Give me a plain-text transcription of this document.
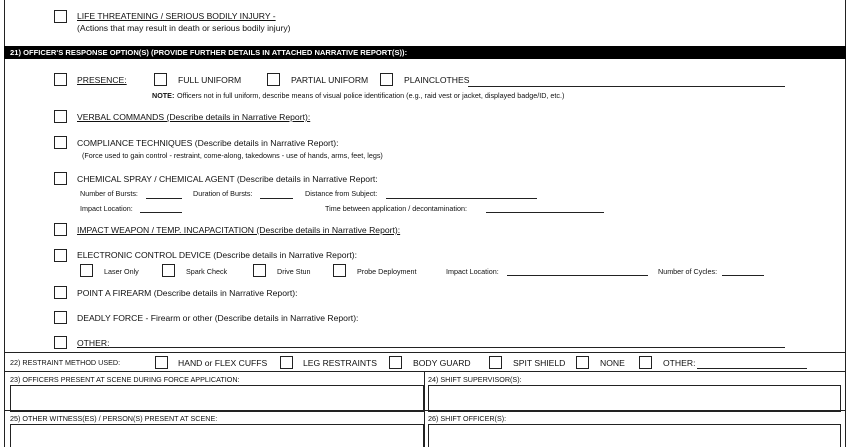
LIFE THREATENING / SERIOUS BODILY INJURY -
(Actions that may result in death or serious bodily injury)
21) OFFICER'S RESPONSE OPTION(S) (PROVIDE FURTHER DETAILS IN ATTACHED NARRATIVE REPORT(S)):
PRESENCE:	FULL UNIFORM	PARTIAL UNIFORM	PLAINCLOTHES
NOTE: Officers not in full uniform, describe means of visual police identification (e.g., raid vest or jacket, displayed badge/ID, etc.)
VERBAL COMMANDS (Describe details in Narrative Report):
COMPLIANCE TECHNIQUES (Describe details in Narrative Report):
(Force used to gain control - restraint, come-along, takedowns - use of hands, arms, feet, legs)
CHEMICAL SPRAY / CHEMICAL AGENT (Describe details in Narrative Report:
Number of Bursts:	Duration of Bursts:	Distance from Subject:
Impact Location:	Time between application / decontamination:
IMPACT WEAPON / TEMP. INCAPACITATION (Describe details in Narrative Report):
ELECTRONIC CONTROL DEVICE (Describe details in Narrative Report):
Laser Only	Spark Check	Drive Stun	Probe Deployment	Impact Location:	Number of Cycles:
POINT A FIREARM (Describe details in Narrative Report):
DEADLY FORCE - Firearm or other (Describe details in Narrative Report):
OTHER:
22) RESTRAINT METHOD USED:	HAND or FLEX CUFFS	LEG RESTRAINTS	BODY GUARD	SPIT SHIELD	NONE	OTHER:
23) OFFICERS PRESENT AT SCENE DURING FORCE APPLICATION:	24) SHIFT SUPERVISOR(S):
25) OTHER WITNESS(ES) / PERSON(S) PRESENT AT SCENE:	26) SHIFT OFFICER(S):
